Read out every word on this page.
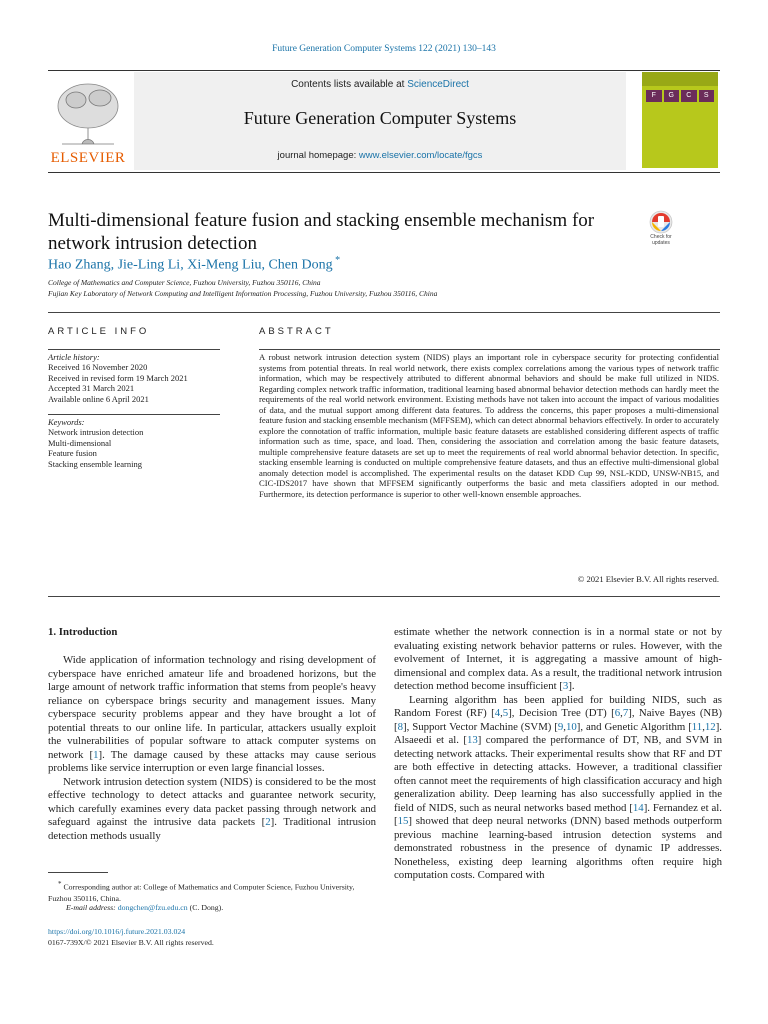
Future Generation Computer Systems 122 (2021) 130–143
ELSEVIER
Contents lists available at ScienceDirect
Future Generation Computer Systems
journal homepage: www.elsevier.com/locate/fgcs
F	G	C	S
Multi-dimensional feature fusion and stacking ensemble mechanism for network intrusion detection	Check for updates
Hao Zhang, Jie-Ling Li, Xi-Meng Liu, Chen Dong *
College of Mathematics and Computer Science, Fuzhou University, Fuzhou 350116, China
Fujian Key Laboratory of Network Computing and Intelligent Information Processing, Fuzhou University, Fuzhou 350116, China
ARTICLE INFO
Article history:
Received 16 November 2020
Received in revised form 19 March 2021
Accepted 31 March 2021
Available online 6 April 2021
Keywords:
Network intrusion detection
Multi-dimensional
Feature fusion
Stacking ensemble learning
ABSTRACT
A robust network intrusion detection system (NIDS) plays an important role in cyberspace security for protecting confidential systems from potential threats. In real world network, there exists complex correlations among the various types of network traffic information, which may be respectively attributed to different abnormal behaviors and should be make full utilized in NIDS. Regarding complex network traffic information, traditional learning based abnormal behavior detection methods can hardly meet the requirements of the real world network environment. Existing methods have not taken into account the impact of various modalities of data, and the mutual support among different data features. To address the concerns, this paper proposes a multi-dimensional feature fusion and stacking ensemble mechanism (MFFSEM), which can detect abnormal behaviors effectively. In order to accurately explore the connotation of traffic information, multiple basic feature datasets are established considering different aspects of traffic information such as time, space, and load. Then, considering the association and correlation among the basic feature datasets, multiple comprehensive feature datasets are set up to meet the requirements of real world abnormal behavior detection. In specific, stacking ensemble learning is conducted on multiple comprehensive feature datasets, and thus an effective multi-dimensional global anomaly detection model is accomplished. The experimental results on the dataset KDD Cup 99, NSL-KDD, UNSW-NB15, and CIC-IDS2017 have shown that MFFSEM significantly outperforms the basic and meta classifiers adopted in our method. Furthermore, its detection performance is superior to other well-known ensemble approaches.
© 2021 Elsevier B.V. All rights reserved.
1. Introduction
Wide application of information technology and rising development of cyberspace have enriched amateur life and broadened horizons, but the large amount of network traffic information that stems from people's heavy reliance on cyberspace brings security and management issues. Many cyberspace security problems appear and they have brought a lot of potential threats to our online life. In particular, attackers usually exploit the vulnerabilities of popular software to attack computer systems on network [1]. The damage caused by these attacks may cause serious problems like service interruption or even large financial losses.
Network intrusion detection system (NIDS) is considered to be the most effective technology to detect attacks and guarantee network security, which carefully examines every data packet passing through network and safeguard against the intrusive data packets [2]. Traditional intrusion detection methods usually
estimate whether the network connection is in a normal state or not by evaluating existing network behavior patterns or rules. However, with the evolvement of Internet, it is aggregating a massive amount of high-dimensional and complex data. As a result, the traditional network intrusion detection method become insufficient [3].
Learning algorithm has been applied for building NIDS, such as Random Forest (RF) [4,5], Decision Tree (DT) [6,7], Naive Bayes (NB) [8], Support Vector Machine (SVM) [9,10], and Genetic Algorithm [11,12]. Alsaeedi et al. [13] compared the performance of DT, NB, and SVM in detecting network attacks. Their experimental results show that RF and DT are both effective in detecting attacks. However, a traditional classifier often cannot meet the requirements of high classification accuracy and high generalization ability. Deep learning has also successfully applied in the field of NIDS, such as neural networks based method [14]. Fernandez et al. [15] showed that deep neural networks (DNN) based methods outperform previous machine learning-based intrusion detection systems and demonstrated robustness in the presence of dynamic IP addresses. Nonetheless, existing deep learning algorithms often require high computation costs. Compared with
* Corresponding author at: College of Mathematics and Computer Science, Fuzhou University, Fuzhou 350116, China.
E-mail address: dongchen@fzu.edu.cn (C. Dong).
https://doi.org/10.1016/j.future.2021.03.024
0167-739X/© 2021 Elsevier B.V. All rights reserved.
